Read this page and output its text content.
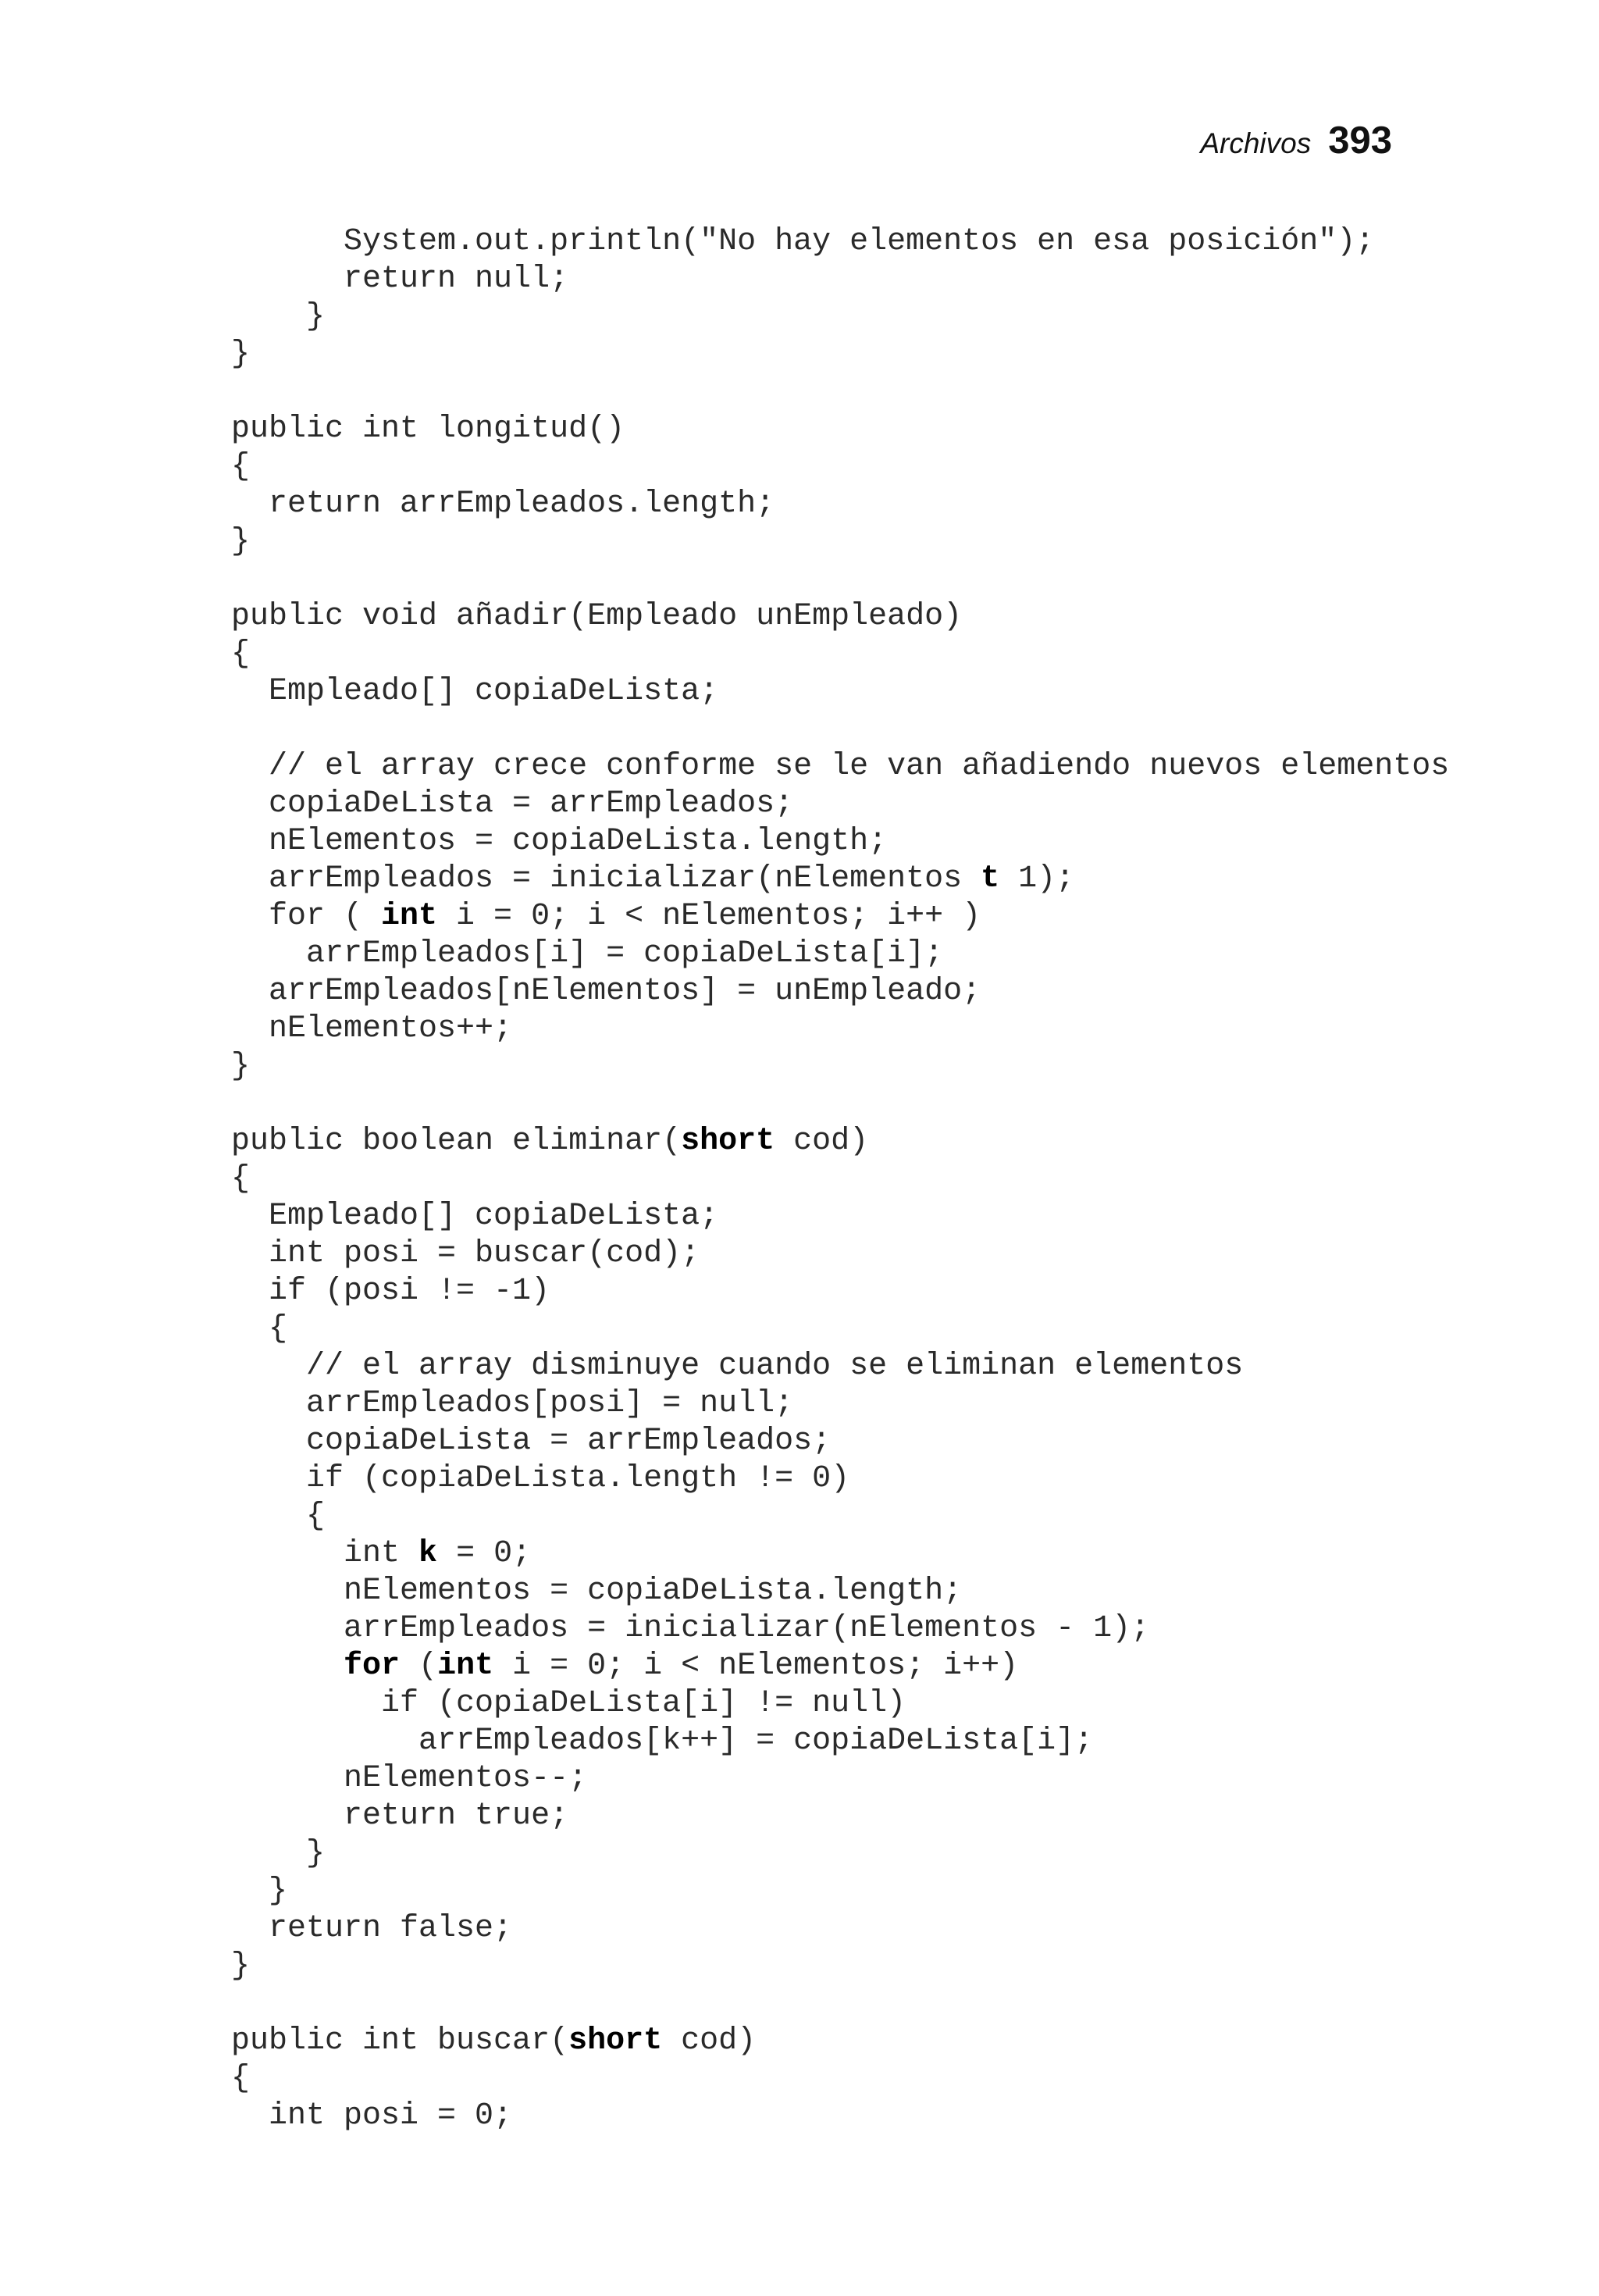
Archivos 393
System.out.println("No hay elementos en esa posición");
return null;
}
}
public int longitud()
{
return arrEmpleados.length;
}
public void añadir(Empleado unEmpleado)
{
Empleado[] copiaDeLista;
// el array crece conforme se le van añadiendo nuevos elementos
copiaDeLista = arrEmpleados;
nElementos = copiaDeLista.length;
arrEmpleados = inicializar(nElementos t 1);
for ( int i = 0; i < nElementos; i++ )
arrEmpleados[i] = copiaDeLista[i];
arrEmpleados[nElementos] = unEmpleado;
nElementos++;
}
public boolean eliminar(short cod)
{
Empleado[] copiaDeLista;
int posi = buscar(cod);
if (posi != -1)
{
// el array disminuye cuando se eliminan elementos
arrEmpleados[posi] = null;
copiaDeLista = arrEmpleados;
if (copiaDeLista.length != 0)
{
int k = 0;
nElementos = copiaDeLista.length;
arrEmpleados = inicializar(nElementos - 1);
for (int i = 0; i < nElementos; i++)
if (copiaDeLista[i] != null)
arrEmpleados[k++] = copiaDeLista[i];
nElementos--;
return true;
}
}
return false;
}
public int buscar(short cod)
{
int posi = 0;
